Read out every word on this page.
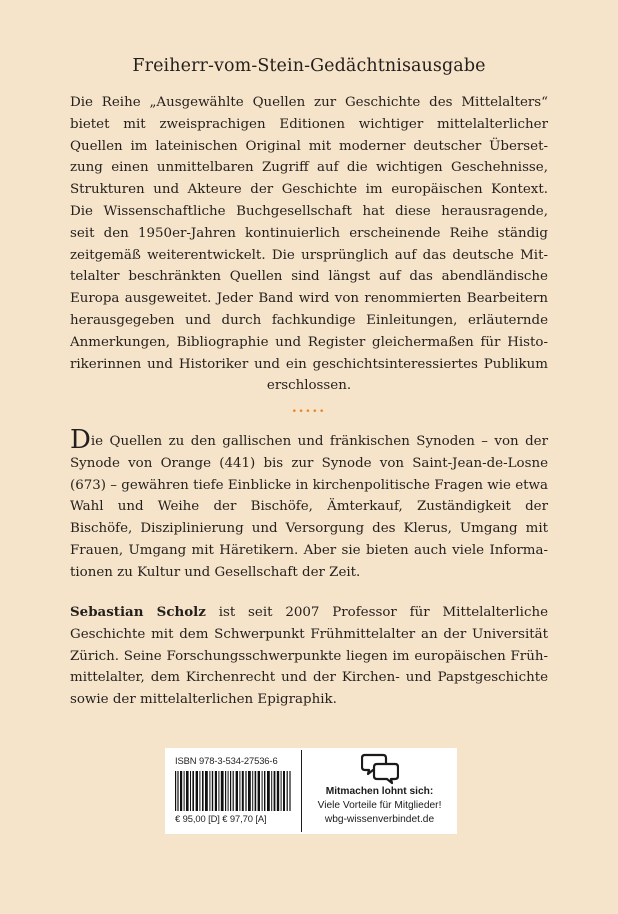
Freiherr-vom-Stein-Gedächtnisausgabe
Die Reihe „Ausgewählte Quellen zur Geschichte des Mittelalters“
bietet mit zweisprachigen Editionen wichtiger mittelalterlicher
Quellen im lateinischen Original mit moderner deutscher Überset-
zung einen unmittelbaren Zugriff auf die wichtigen Geschehnisse,
Strukturen und Akteure der Geschichte im europäischen Kontext.
Die Wissenschaftliche Buchgesellschaft hat diese herausragende,
seit den 1950er-Jahren kontinuierlich erscheinende Reihe ständig
zeitgemäß weiterentwickelt. Die ursprünglich auf das deutsche Mit-
telalter beschränkten Quellen sind längst auf das abendländische
Europa ausgeweitet. Jeder Band wird von renommierten Bearbeitern
herausgegeben und durch fachkundige Einleitungen, erläuternde
Anmerkungen, Bibliographie und Register gleichermaßen für Histo-
rikerinnen und Historiker und ein geschichtsinteressiertes Publikum
erschlossen.
.....
Die Quellen zu den gallischen und fränkischen Synoden – von der
Synode von Orange (441) bis zur Synode von Saint-Jean-de-Losne
(673) – gewähren tiefe Einblicke in kirchenpolitische Fragen wie etwa
Wahl und Weihe der Bischöfe, Ämterkauf, Zuständigkeit der
Bischöfe, Disziplinierung und Versorgung des Klerus, Umgang mit
Frauen, Umgang mit Häretikern. Aber sie bieten auch viele Informa-
tionen zu Kultur und Gesellschaft der Zeit.
Sebastian Scholz ist seit 2007 Professor für Mittelalterliche
Geschichte mit dem Schwerpunkt Frühmittelalter an der Universität
Zürich. Seine Forschungsschwerpunkte liegen im europäischen Früh-
mittelalter, dem Kirchenrecht und der Kirchen- und Papstgeschichte
sowie der mittelalterlichen Epigraphik.
ISBN 978-3-534-27536-6
€ 95,00 [D] € 97,70 [A]
Mitmachen lohnt sich:
Viele Vorteile für Mitglieder!
wbg-wissenverbindet.de
